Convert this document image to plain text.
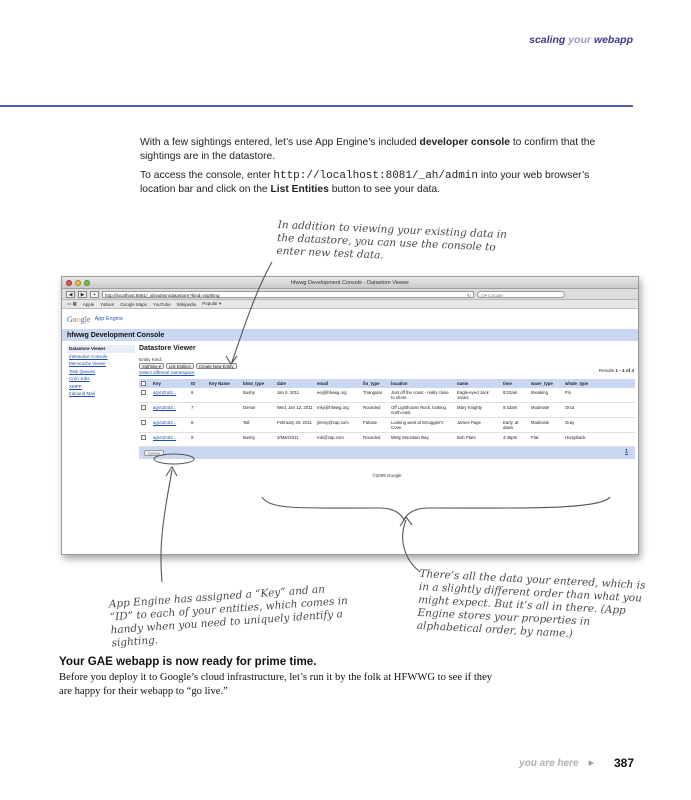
scaling your webapp

With a few sightings entered, let’s use App Engine’s included developer console to confirm that the sightings are in the datastore.

To access the console, enter http://localhost:8081/_ah/admin into your web browser’s location bar and click on the List Entities button to see your data.

In addition to viewing your existing data in the datastore, you can use the console to enter new test data.
hfwwg Development Console - Datastore Viewer
◀	▶	+	http://localhost:8081/_ah/admin/datastore?kind=Sighting	↻	Q▾ Google
▭ ▦ Apple Yahoo! Google Maps YouTube Wikipedia Popular ▾
Google App Engine
hfwwg Development Console
Datastore Viewer
Interactive Console
Memcache Viewer
Task Queues
Cron Jobs
XMPP
Inbound Mail
Datastore Viewer
Entity Kind:
Sighting ▾	List Entities	Create New Entity
Select different namespace
	Key	ID	Key Name	blow_type	date	email	fin_type	location	name	time	wave_type	whale_type
	agVoZnd3...	6		Bushy	Jan 5, 2011	eej@hfwwg.org	Triangular	Just off the coast - really close to shore.	Eagle-eyed Jack Jones	8:02am	Breaking	Fin
	agVoZnd3...	7		Dense	Wed, Jan 12, 2011	mky@hfwwg.org	Rounded	Off Lighthouse Rock, looking north-east.	Mary Knighty	9:43am	Moderate	Orca
	agVoZnd3...	8		Tall	February 20, 2011	jimmy@zap.com	Falcate	Looking west at Smuggler's Cove.	James Page	Early, at dawn.	Moderate	Gray
	agVoZnd3...	9		Bushy	2/Mar/2011	rob@zap.com	Rounded	Misty Mountain Bay.	Bob Plant	4:45pm	Flat.	Humpback
Delete	1
©2009 Google
Results 1 - 4 of 4
App Engine has assigned a “Key” and an “ID” to each of your entities, which comes in handy when you need to uniquely identify a sighting.
There’s all the data your entered, which is in a slightly different order than what you might expect. But it’s all in there. (App Engine stores your properties in alphabetical order, by name.)
Your GAE webapp is now ready for prime time.

Before you deploy it to Google’s cloud infrastructure, let’s run it by the folk at HFWWG to see if they are happy for their webapp to “go live.”

you are here ▶ 387
